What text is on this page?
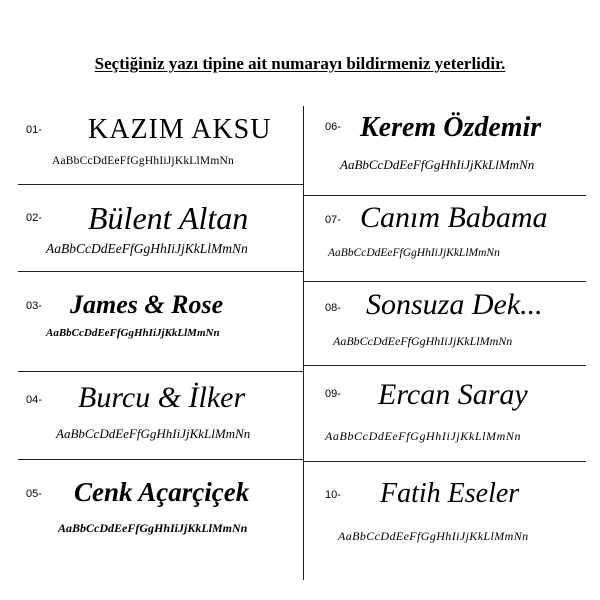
Seçtiğiniz yazı tipine ait numarayı bildirmeniz yeterlidir.
01- KAZIM AKSU
AaBbCcDdEeFfGgHhIiJjKkLlMmNn
02- Bülent Altan
AaBbCcDdEeFfGgHhIiJjKkLlMmNn
03- James & Rose
AaBbCcDdEeFfGgHhIiJjKkLlMmNn
04- Burcu & İlker
AaBbCcDdEeFfGgHhIiJjKkLlMmNn
05- Cenk Açarçiçek
AaBbCcDdEeFfGgHhIiJjKkLlMmNn
06- Kerem Özdemir
AaBbCcDdEeFfGgHhIiJjKkLlMmNn
07- Canım Babama
AaBbCcDdEeFfGgHhIiJjKkLlMmNn
08- Sonsuza Dek...
AaBbCcDdEeFfGgHhIiJjKkLlMmNn
09- Ercan Saray
AaBbCcDdEeFfGgHhIiJjKkLlMmNn
10- Fatih Eseler
AaBbCcDdEeFfGgHhIiJjKkLlMmNn
